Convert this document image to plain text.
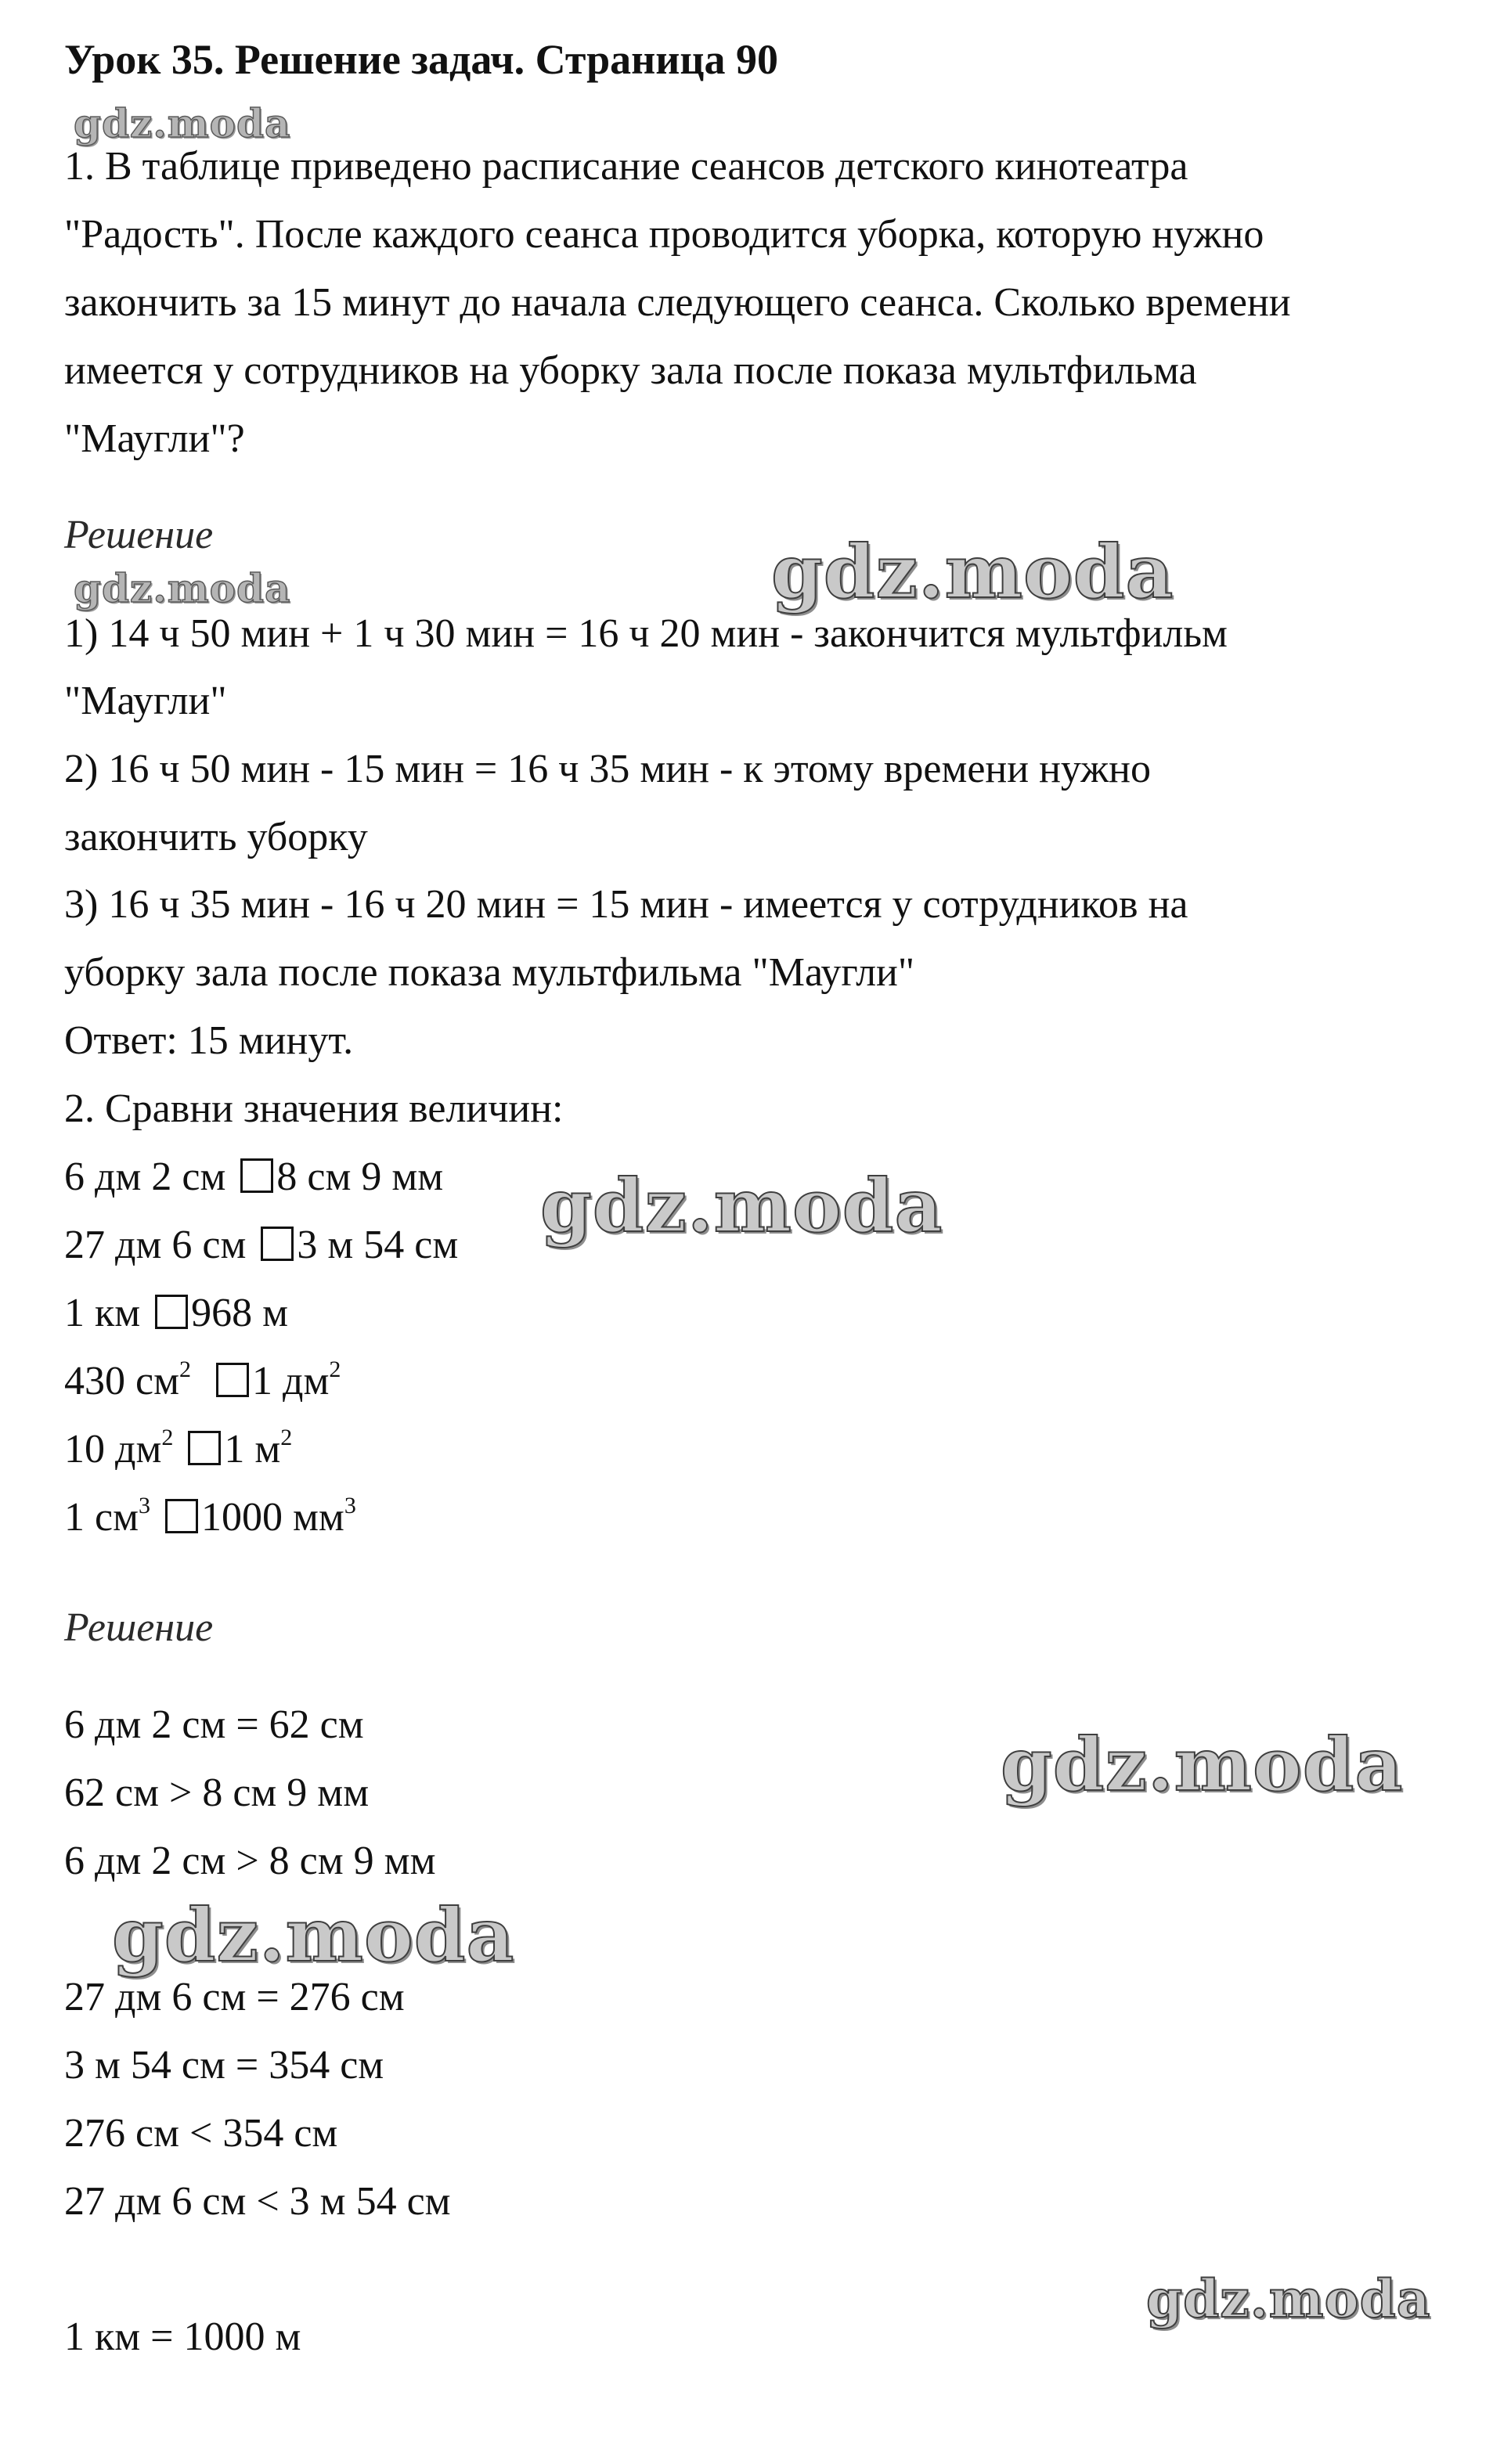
Урок 35. Решение задач. Страница 90
gdz.moda
gdz.moda	gdz.moda
gdz.moda
gdz.moda
gdz.moda
gdz.moda

1. В таблице приведено расписание сеансов детского кинотеатра

"Радость". После каждого сеанса проводится уборка, которую нужно

закончить за 15 минут до начала следующего сеанса. Сколько времени

имеется у сотрудников на уборку зала после показа мультфильма

"Маугли"?

Решение

1) 14 ч 50 мин + 1 ч 30 мин = 16 ч 20 мин - закончится мультфильм

"Маугли"

2) 16 ч 50 мин - 15 мин = 16 ч 35 мин - к этому времени нужно

закончить уборку

3) 16 ч 35 мин - 16 ч 20 мин = 15 мин - имеется у сотрудников на

уборку зала после показа мультфильма "Маугли"

Ответ: 15 минут.

2. Сравни значения величин:

6 дм 2 см 8 см 9 мм

27 дм 6 см 3 м 54 см

1 км 968 м

430 $см^2$ 1 $дм^2$

10 $дм^2$ 1 $м^2$

1 $см^3$ 1000 $мм^3$

Решение

6 дм 2 см = 62 см

62 см > 8 см 9 мм

6 дм 2 см > 8 см 9 мм

27 дм 6 см = 276 см

3 м 54 см = 354 см

276 см < 354 см

27 дм 6 см < 3 м 54 см

1 км = 1000 м
